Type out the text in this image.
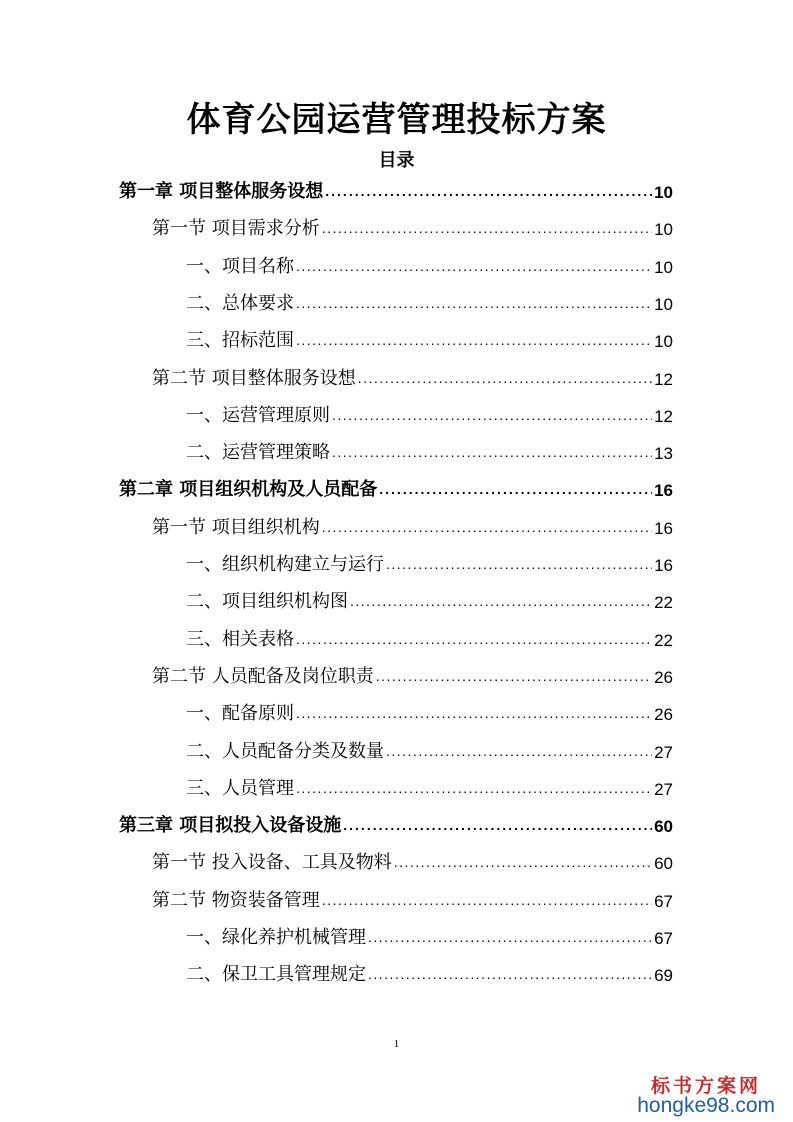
体育公园运营管理投标方案
目录
第一章 项目整体服务设想 .....	10
第一节 项目需求分析 .....	10
一、项目名称 .....	10
二、总体要求 .....	10
三、招标范围 .....	10
第二节 项目整体服务设想 .....	12
一、运营管理原则 .....	12
二、运营管理策略 .....	13
第二章 项目组织机构及人员配备 .....	16
第一节 项目组织机构 .....	16
一、组织机构建立与运行 .....	16
二、项目组织机构图 .....	22
三、相关表格 .....	22
第二节 人员配备及岗位职责 .....	26
一、配备原则 .....	26
二、人员配备分类及数量 .....	27
三、人员管理 .....	27
第三章 项目拟投入设备设施 .....	60
第一节 投入设备、工具及物料 .....	60
第二节 物资装备管理 .....	67
一、绿化养护机械管理 .....	67
二、保卫工具管理规定 .....	69
1
标书方案网
hongke98.com
